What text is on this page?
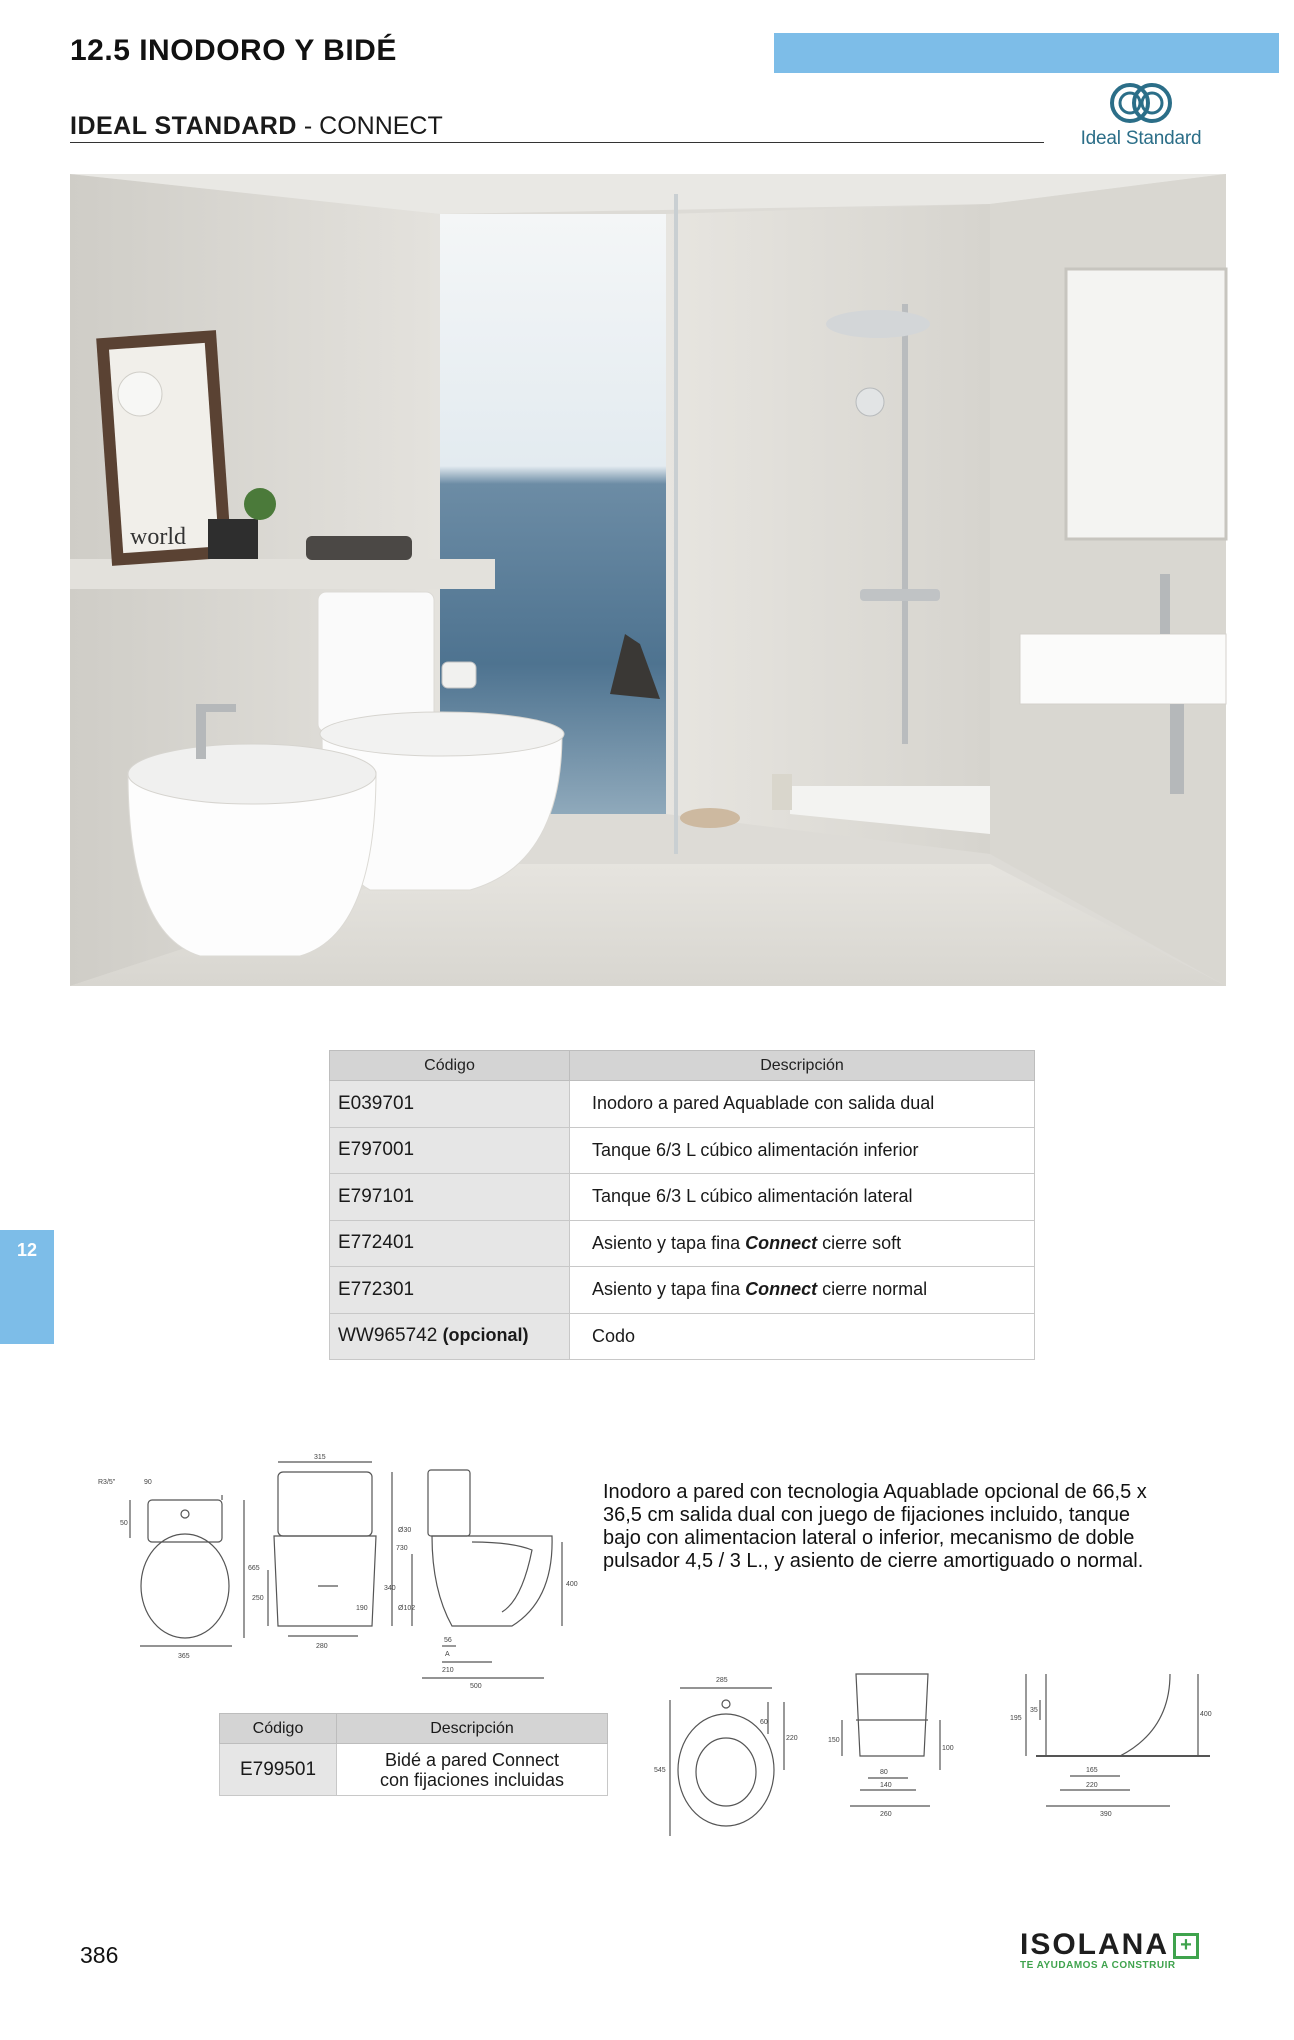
12.5 INODORO Y BIDÉ
IDEAL STANDARD - CONNECT	Ideal Standard
world
12
Código	Descripción
E039701	Inodoro a pared Aquablade con salida dual
E797001	Tanque 6/3 L cúbico alimentación inferior
E797101	Tanque 6/3 L cúbico alimentación lateral
E772401	Asiento y tapa fina Connect cierre soft
E772301	Asiento y tapa fina Connect cierre normal
WW965742 (opcional)	Codo
R3/5"	90
50
365
665
315
730
250
190
280
Ø30
340
Ø102
400
56
A
210
500
Inodoro a pared con tecnologia Aquablade opcional de 66,5 x 36,5 cm salida dual con juego de fijaciones incluido, tanque bajo con alimentacion lateral o inferior, mecanismo de doble pulsador 4,5 / 3 L., y asiento de cierre amortiguado o normal.
Código	Descripción
E799501	Bidé a pared Connect
con fijaciones incluidas
285
60
220
545
150
100
80
140
260
195
35
165
220
390
400
386	ISOLANA +
TE AYUDAMOS A CONSTRUIR
